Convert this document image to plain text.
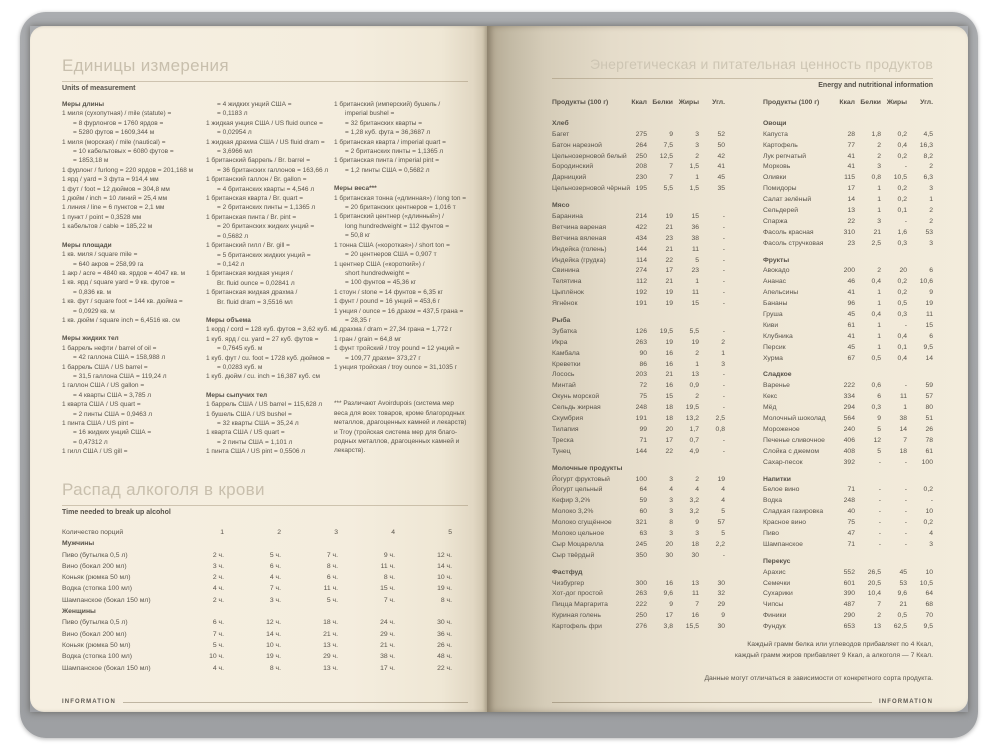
Единицы измерения
Units of measurement
Меры длины
1 миля (сухопутная) / mile (statute) =
= 8 фурлонгов = 1760 ярдов =
= 5280 футов = 1609,344 м
1 миля (морская) / mile (nautical) =
= 10 кабельтовых = 6080 футов =
= 1853,18 м
1 фурлонг / furlong = 220 ярдов = 201,168 м
1 ярд / yard = 3 фута = 914,4 мм
1 фут / foot = 12 дюймов = 304,8 мм
1 дюйм / inch = 10 линий = 25,4 мм
1 линия / line = 6 пунктов = 2,1 мм
1 пункт / point = 0,3528 мм
1 кабельтов / cable = 185,22 м
Меры площади
1 кв. миля / square mile =
= 640 акров = 258,99 га
1 акр / acre = 4840 кв. ярдов = 4047 кв. м
1 кв. ярд / square yard = 9 кв. футов =
= 0,836 кв. м
1 кв. фут / square foot = 144 кв. дюйма =
= 0,0929 кв. м
1 кв. дюйм / square inch = 6,4516 кв. см
Меры жидких тел
1 баррель нефти / barrel of oil =
= 42 галлона США = 158,988 л
1 баррель США / US barrel =
= 31,5 галлона США = 119,24 л
1 галлон США / US gallon =
= 4 кварты США = 3,785 л
1 кварта США / US quart =
= 2 пинты США = 0,9463 л
1 пинта США / US pint =
= 16 жидких унций США =
= 0,47312 л
1 гилл США / US gill =
= 4 жидких унций США =
= 0,1183 л
1 жидкая унция США / US fluid ounce =
= 0,02954 л
1 жидкая драхма США / US fluid dram =
= 3,6966 мл
1 британский баррель / Br. barrel =
= 36 британских галлонов = 163,66 л
1 британский галлон / Br. gallon =
= 4 британских кварты = 4,546 л
1 британская кварта / Br. quart =
= 2 британских пинты = 1,1365 л
1 британская пинта / Br. pint =
= 20 британских жидких унций =
= 0,5682 л
1 британский гилл / Br. gill =
= 5 британских жидких унций =
= 0,142 л
1 британская жидкая унция /
Br. fluid ounce = 0,02841 л
1 британская жидкая драхма /
Br. fluid dram = 3,5516 мл
Меры объема
1 корд / cord = 128 куб. футов = 3,62 куб. м
1 куб. ярд / cu. yard = 27 куб. футов =
= 0,7645 куб. м
1 куб. фут / cu. foot = 1728 куб. дюймов =
= 0,0283 куб. м
1 куб. дюйм / cu. inch = 16,387 куб. см
Меры сыпучих тел
1 баррель США / US barrel = 115,628 л
1 бушель США / US bushel =
= 32 кварты США = 35,24 л
1 кварта США / US quart =
= 2 пинты США = 1,101 л
1 пинта США / US pint = 0,5506 л
1 британский (имперский) бушель /
imperial bushel =
= 32 британских кварты =
= 1,28 куб. фута = 36,3687 л
1 британская кварта / imperial quart =
= 2 британских пинты = 1,1365 л
1 британская пинта / imperial pint =
= 1,2 пинты США = 0,5682 л
Меры веса***
1 британская тонна («длинная») / long ton =
= 20 британских центнеров = 1,016 т
1 британский центнер («длинный») /
long hundredweight = 112 фунтов =
= 50,8 кг
1 тонна США («короткая») / short ton =
= 20 центнеров США = 0,907 т
1 центнер США («короткий») /
short hundredweight =
= 100 фунтов = 45,36 кг
1 стоун / stone = 14 фунтов = 6,35 кг
1 фунт / pound = 16 унций = 453,6 г
1 унция / ounce = 16 драхм = 437,5 грана =
= 28,35 г
1 драхма / dram = 27,34 грана = 1,772 г
1 гран / grain = 64,8 мг
1 фунт тройский / troy pound = 12 унций =
= 109,77 драхм= 373,27 г
1 унция тройская / troy ounce = 31,1035 г
*** Различают Avoirdupois (система мер
веса для всех товаров, кроме благородных
металлов, драгоценных камней и лекарств)
и Troy (тройская система мер для благо-
родных металлов, драгоценных камней и
лекарств).
Распад алкоголя в крови
Time needed to break up alcohol
Количество порций	1	2	3	4	5
Мужчины
Пиво (бутылка 0,5 л)	2 ч.	5 ч.	7 ч.	9 ч.	12 ч.
Вино (бокал 200 мл)	3 ч.	6 ч.	8 ч.	11 ч.	14 ч.
Коньяк (рюмка 50 мл)	2 ч.	4 ч.	6 ч.	8 ч.	10 ч.
Водка (стопка 100 мл)	4 ч.	7 ч.	11 ч.	15 ч.	19 ч.
Шампанское (бокал 150 мл)	2 ч.	3 ч.	5 ч.	7 ч.	8 ч.
Женщины
Пиво (бутылка 0,5 л)	6 ч.	12 ч.	18 ч.	24 ч.	30 ч.
Вино (бокал 200 мл)	7 ч.	14 ч.	21 ч.	29 ч.	36 ч.
Коньяк (рюмка 50 мл)	5 ч.	10 ч.	13 ч.	21 ч.	26 ч.
Водка (стопка 100 мл)	10 ч.	19 ч.	29 ч.	38 ч.	48 ч.
Шампанское (бокал 150 мл)	4 ч.	8 ч.	13 ч.	17 ч.	22 ч.
INFORMATION
Энергетическая и питательная ценность продуктов
Energy and nutritional information
Продукты (100 г)	Ккал Белки Жиры	Угл.
Хлеб
Багет	275	9	3	52
Батон нарезной	264	7,5	3	50
Цельнозерновой белый	250	12,5	2	42
Бородинский	208	7	1,5	41
Дарницкий	230	7	1	45
Цельнозерновой чёрный 195	5,5	1,5	35
Мясо
Баранина	214	19	15	-
Ветчина вареная	422	21	36	-
Ветчина вяленая	434	23	38	-
Индейка (голень)	144	21	11	-
Индейка (грудка)	114	22	5	-
Свинина	274	17	23	-
Телятина	112	21	1	-
Цыплёнок	192	19	11	-
Ягнёнок	191	19	15	-
Рыба
Зубатка	126	19,5	5,5	-
Икра	263	19	19	2
Камбала	90	16	2	1
Креветки	86	16	1	3
Лосось	203	21	13	-
Минтай	72	16	0,9	-
Окунь морской	75	15	2	-
Сельдь жирная	248	18	19,5	-
Скумбрия	191	18	13,2	2,5
Тилапия	99	20	1,7	0,8
Треска	71	17	0,7	-
Тунец	144	22	4,9	-
Молочные продукты
Йогурт фруктовый	100	3	2	19
Йогурт цельный	64	4	4	4
Кефир 3,2%	59	3	3,2	4
Молоко 3,2%	60	3	3,2	5
Молоко сгущённое	321	8	9	57
Молоко цельное	63	3	3	5
Сыр Моцарелла	245	20	18	2,2
Сыр твёрдый	350	30	30	-
Фастфуд
Чизбургер	300	16	13	30
Хот-дог простой	263	9,6	11	32
Пицца Маргарита	222	9	7	29
Куриная голень	250	17	16	9
Картофель фри	276	3,8	15,5	30
Продукты (100 г)	Ккал Белки Жиры	Угл.
Овощи
Капуста	28	1,8	0,2	4,5
Картофель	77	2	0,4	16,3
Лук репчатый	41	2	0,2	8,2
Морковь	41	3	-	2
Оливки	115	0,8	10,5	6,3
Помидоры	17	1	0,2	3
Салат зелёный	14	1	0,2	1
Сельдерей	13	1	0,1	2
Спаржа	22	3	-	2
Фасоль красная	310	21	1,6	53
Фасоль стручковая	23	2,5	0,3	3
Фрукты
Авокадо	200	2	20	6
Ананас	46	0,4	0,2	10,6
Апельсины	41	1	0,2	9
Бананы	96	1	0,5	19
Груша	45	0,4	0,3	11
Киви	61	1	-	15
Клубника	41	1	0,4	6
Персик	45	1	0,1	9,5
Хурма	67	0,5	0,4	14
Сладкое
Варенье	222	0,6	-	59
Кекс	334	6	11	57
Мёд	294	0,3	1	80
Молочный шоколад	564	9	38	51
Мороженое	240	5	14	26
Печенье сливочное	406	12	7	78
Слойка с джемом	408	5	18	61
Сахар-песок	392	-	-	100
Напитки
Белое вино	71	-	-	0,2
Водка	248	-	-	-
Сладкая газировка	40	-	-	10
Красное вино	75	-	-	0,2
Пиво	47	-	-	4
Шампанское	71	-	-	3
Перекус
Арахис	552	26,5	45	10
Семечки	601	20,5	53	10,5
Сухарики	390	10,4	9,6	64
Чипсы	487	7	21	68
Финики	290	2	0,5	70
Фундук	653	13	62,5	9,5
Каждый грамм белка или углеводов прибавляет по 4 Ккал,
каждый грамм жиров прибавляет 9 Ккал, а алкоголя — 7 Ккал.
Данные могут отличаться в зависимости от конкретного сорта продукта.
INFORMATION
